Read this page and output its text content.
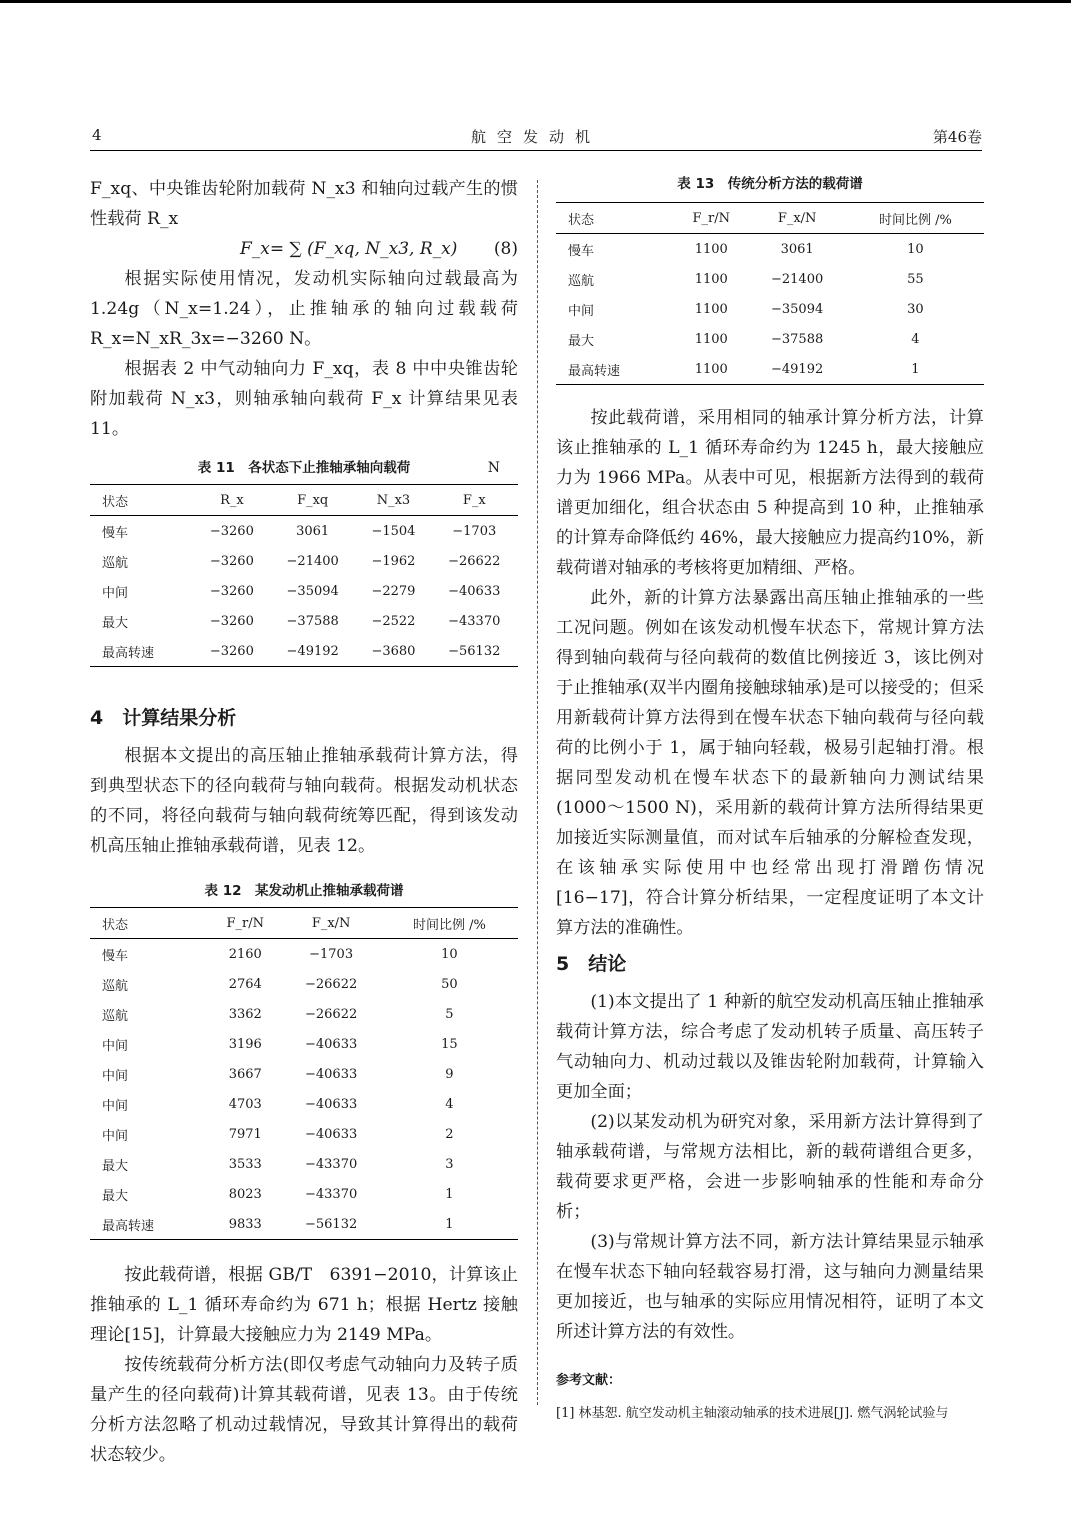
4	航空发动机	第46卷

F_xq、中央锥齿轮附加载荷 N_x3 和轴向过载产生的惯性载荷 R_x

F_x= ∑ (F_xq, N_x3, R_x) (8)

根据实际使用情况，发动机实际轴向过载最高为1.24g（N_x=1.24），止推轴承的轴向过载载荷 R_x=N_xR_3x=−3260 N。

根据表 2 中气动轴向力 F_xq，表 8 中中央锥齿轮附加载荷 N_x3，则轴承轴向载荷 F_x 计算结果见表 11。

表 11　各状态下止推轴承轴向载荷	N
状态	R_x	F_xq	N_x3	F_x
慢车	−3260	3061	−1504	−1703
巡航	−3260	−21400	−1962	−26622
中间	−3260	−35094	−2279	−40633
最大	−3260	−37588	−2522	−43370
最高转速	−3260	−49192	−3680	−56132
4　计算结果分析

根据本文提出的高压轴止推轴承载荷计算方法，得到典型状态下的径向载荷与轴向载荷。根据发动机状态的不同，将径向载荷与轴向载荷统筹匹配，得到该发动机高压轴止推轴承载荷谱，见表 12。

表 12　某发动机止推轴承载荷谱
状态	F_r/N	F_x/N	时间比例 /%
慢车	2160	−1703	10
巡航	2764	−26622	50
巡航	3362	−26622	5
中间	3196	−40633	15
中间	3667	−40633	9
中间	4703	−40633	4
中间	7971	−40633	2
最大	3533	−43370	3
最大	8023	−43370	1
最高转速	9833	−56132	1

按此载荷谱，根据 GB/T　6391−2010，计算该止推轴承的 L_1 循环寿命约为 671 h；根据 Hertz 接触理论[15]，计算最大接触应力为 2149 MPa。

按传统载荷分析方法(即仅考虑气动轴向力及转子质量产生的径向载荷)计算其载荷谱，见表 13。由于传统分析方法忽略了机动过载情况，导致其计算得出的载荷状态较少。

表 13　传统分析方法的载荷谱
状态	F_r/N	F_x/N	时间比例 /%
慢车	1100	3061	10
巡航	1100	−21400	55
中间	1100	−35094	30
最大	1100	−37588	4
最高转速	1100	−49192	1

按此载荷谱，采用相同的轴承计算分析方法，计算该止推轴承的 L_1 循环寿命约为 1245 h，最大接触应力为 1966 MPa。从表中可见，根据新方法得到的载荷谱更加细化，组合状态由 5 种提高到 10 种，止推轴承的计算寿命降低约 46%，最大接触应力提高约10%，新载荷谱对轴承的考核将更加精细、严格。

此外，新的计算方法暴露出高压轴止推轴承的一些工况问题。例如在该发动机慢车状态下，常规计算方法得到轴向载荷与径向载荷的数值比例接近 3，该比例对于止推轴承(双半内圈角接触球轴承)是可以接受的；但采用新载荷计算方法得到在慢车状态下轴向载荷与径向载荷的比例小于 1，属于轴向轻载，极易引起轴打滑。根据同型发动机在慢车状态下的最新轴向力测试结果(1000～1500 N)，采用新的载荷计算方法所得结果更加接近实际测量值，而对试车后轴承的分解检查发现，在该轴承实际使用中也经常出现打滑蹭伤情况[16−17]，符合计算分析结果，一定程度证明了本文计算方法的准确性。

5　结论

(1)本文提出了 1 种新的航空发动机高压轴止推轴承载荷计算方法，综合考虑了发动机转子质量、高压转子气动轴向力、机动过载以及锥齿轮附加载荷，计算输入更加全面；

(2)以某发动机为研究对象，采用新方法计算得到了轴承载荷谱，与常规方法相比，新的载荷谱组合更多，载荷要求更严格，会进一步影响轴承的性能和寿命分析；

(3)与常规计算方法不同，新方法计算结果显示轴承在慢车状态下轴向轻载容易打滑，这与轴向力测量结果更加接近，也与轴承的实际应用情况相符，证明了本文所述计算方法的有效性。

参考文献：
[1] 林基恕. 航空发动机主轴滚动轴承的技术进展[J]. 燃气涡轮试验与
